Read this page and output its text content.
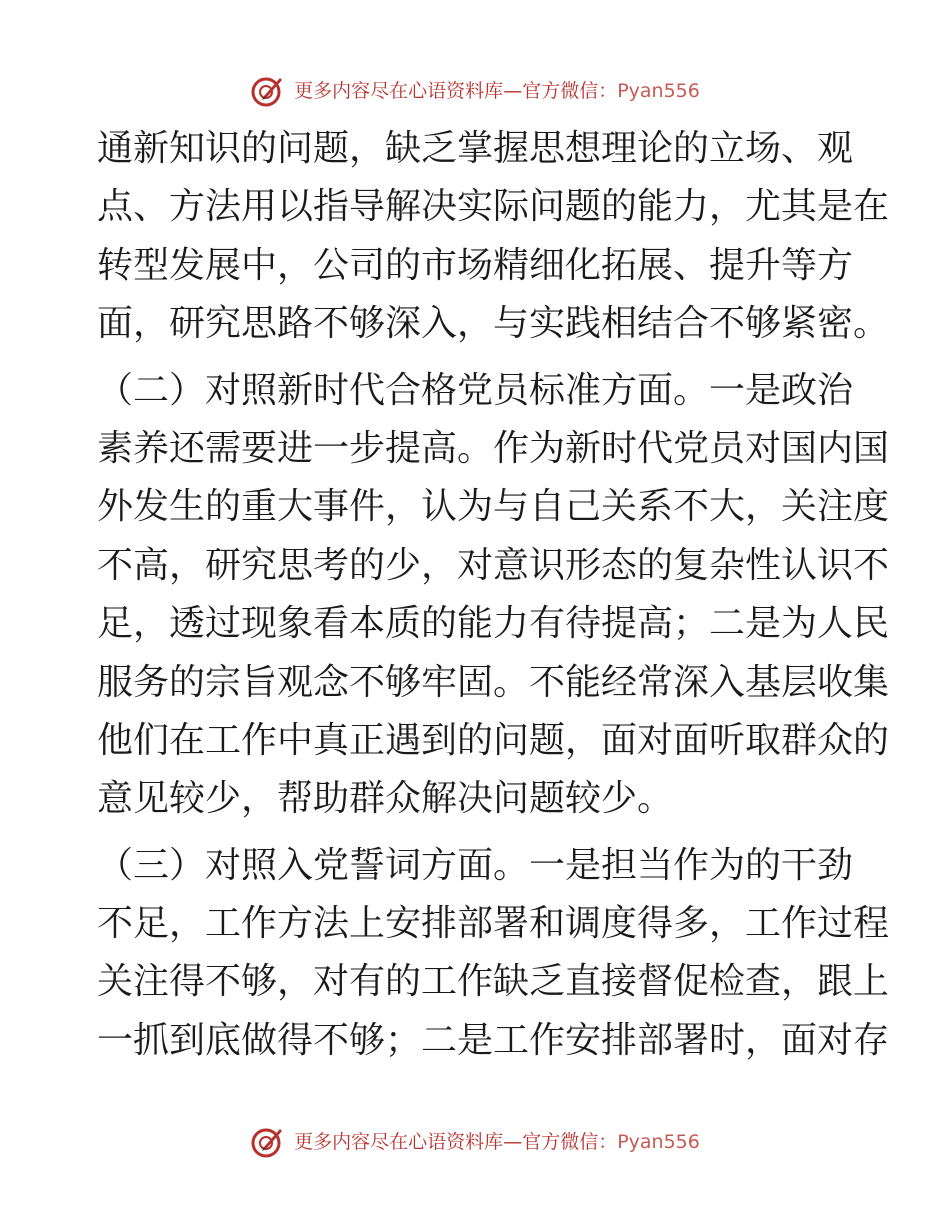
更多内容尽在心语资料库—官方微信：Pyan556
通新知识的问题，缺乏掌握思想理论的立场、观
点、方法用以指导解决实际问题的能力，尤其是在
转型发展中，公司的市场精细化拓展、提升等方
面，研究思路不够深入，与实践相结合不够紧密。
（二）对照新时代合格党员标准方面。一是政治
素养还需要进一步提高。作为新时代党员对国内国
外发生的重大事件，认为与自己关系不大，关注度
不高，研究思考的少，对意识形态的复杂性认识不
足，透过现象看本质的能力有待提高；二是为人民
服务的宗旨观念不够牢固。不能经常深入基层收集
他们在工作中真正遇到的问题，面对面听取群众的
意见较少，帮助群众解决问题较少。
（三）对照入党誓词方面。一是担当作为的干劲
不足，工作方法上安排部署和调度得多，工作过程
关注得不够，对有的工作缺乏直接督促检查，跟上
一抓到底做得不够；二是工作安排部署时，面对存
更多内容尽在心语资料库—官方微信：Pyan556
